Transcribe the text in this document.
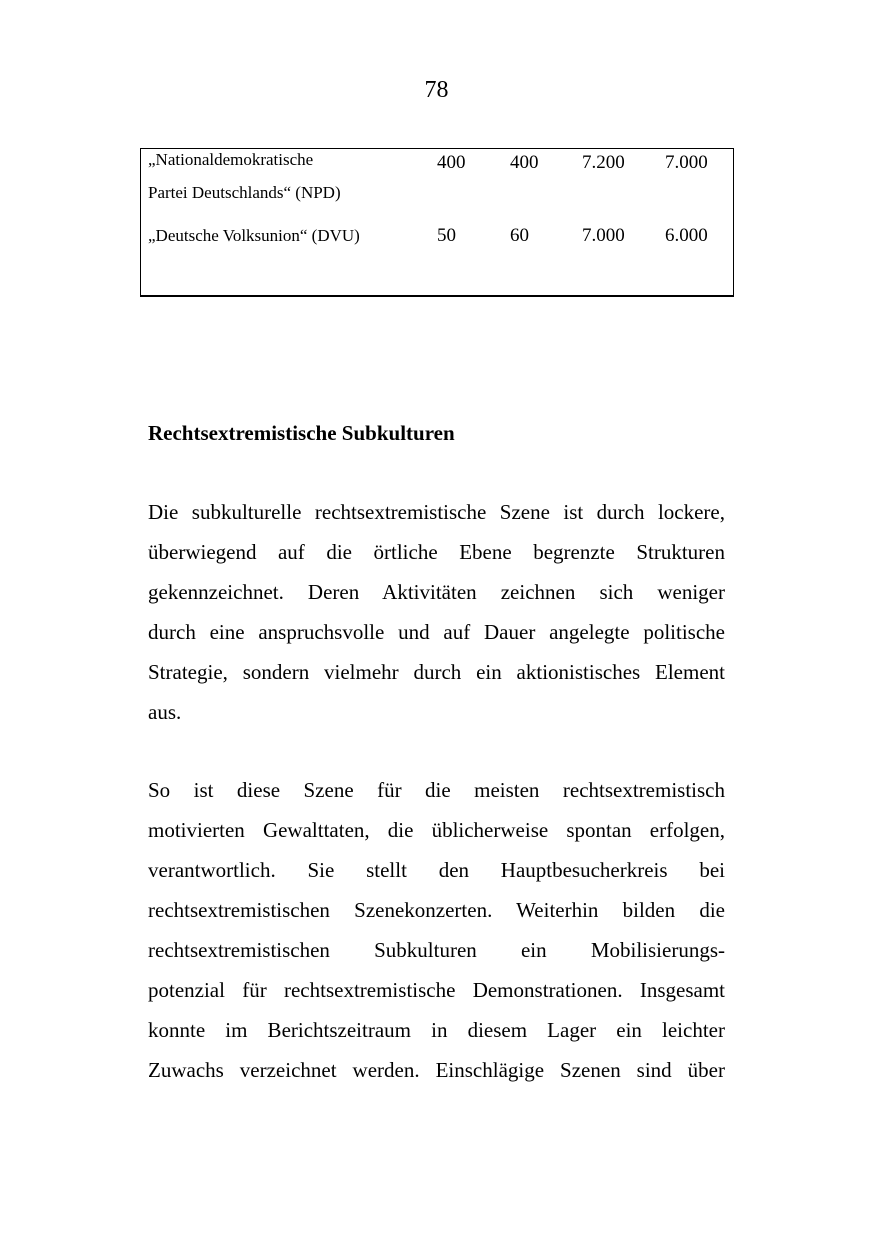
78
„Nationaldemokratische
Partei Deutschlands“ (NPD)
400 400 7.200 7.000
„Deutsche Volksunion“ (DVU)	50	60	7.000 6.000
Rechtsextremistische Subkulturen
Die subkulturelle rechtsextremistische Szene ist durch lockere,
überwiegend auf die örtliche Ebene begrenzte Strukturen
gekennzeichnet. Deren Aktivitäten zeichnen sich weniger
durch eine anspruchsvolle und auf Dauer angelegte politische
Strategie, sondern vielmehr durch ein aktionistisches Element
aus.
So ist diese Szene für die meisten rechtsextremistisch
motivierten Gewalttaten, die üblicherweise spontan erfolgen,
verantwortlich. Sie stellt den Hauptbesucherkreis bei
rechtsextremistischen Szenekonzerten. Weiterhin bilden die
rechtsextremistischen Subkulturen ein Mobilisierungs-
potenzial für rechtsextremistische Demonstrationen. Insgesamt
konnte im Berichtszeitraum in diesem Lager ein leichter
Zuwachs verzeichnet werden. Einschlägige Szenen sind über
